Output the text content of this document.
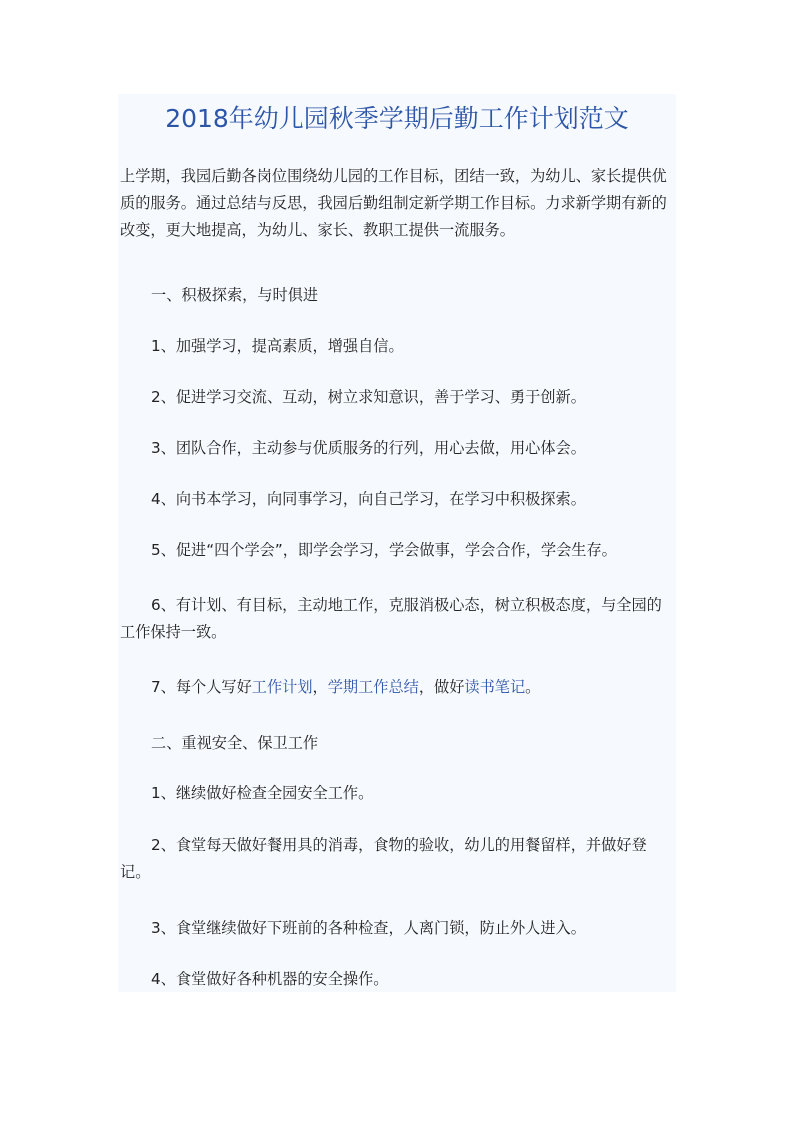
2018年幼儿园秋季学期后勤工作计划范文

上学期，我园后勤各岗位围绕幼儿园的工作目标，团结一致，为幼儿、家长提供优质的服务。通过总结与反思，我园后勤组制定新学期工作目标。力求新学期有新的改变，更大地提高，为幼儿、家长、教职工提供一流服务。

一、积极探索，与时俱进

1、加强学习，提高素质，增强自信。

2、促进学习交流、互动，树立求知意识，善于学习、勇于创新。

3、团队合作，主动参与优质服务的行列，用心去做，用心体会。

4、向书本学习，向同事学习，向自己学习，在学习中积极探索。

5、促进“四个学会”，即学会学习，学会做事，学会合作，学会生存。

6、有计划、有目标，主动地工作，克服消极心态，树立积极态度，与全园的工作保持一致。

7、每个人写好工作计划，学期工作总结，做好读书笔记。

二、重视安全、保卫工作

1、继续做好检查全园安全工作。

2、食堂每天做好餐用具的消毒，食物的验收，幼儿的用餐留样，并做好登记。

3、食堂继续做好下班前的各种检查，人离门锁，防止外人进入。

4、食堂做好各种机器的安全操作。
